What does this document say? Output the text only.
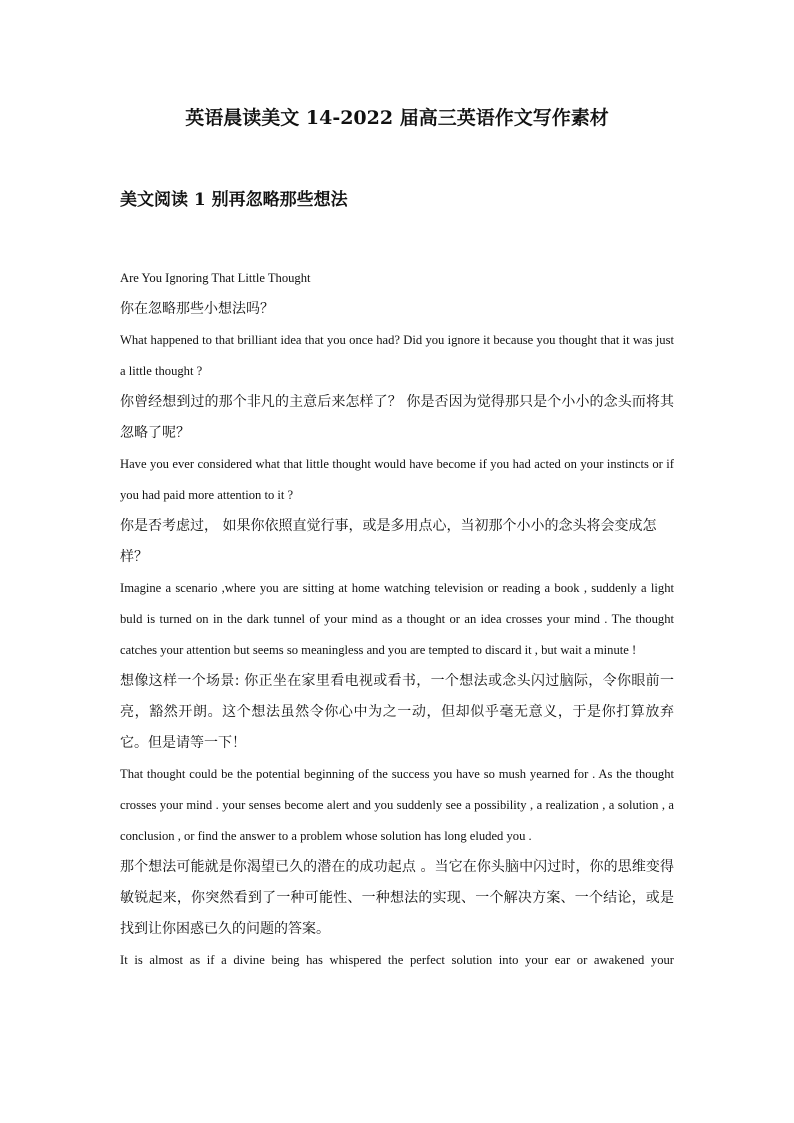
英语晨读美文 14-2022 届高三英语作文写作素材
美文阅读 1 别再忽略那些想法

Are You Ignoring That Little Thought

你在忽略那些小想法吗？

What happened to that brilliant idea that you once had? Did you ignore it because you thought that it was just a little thought ?

你曾经想到过的那个非凡的主意后来怎样了？ 你是否因为觉得那只是个小小的念头而将其忽略了呢？

Have you ever considered what that little thought would have become if you had acted on your instincts or if you had paid more attention to it ?

你是否考虑过， 如果你依照直觉行事，或是多用点心，当初那个小小的念头将会变成怎样？

Imagine a scenario ,where you are sitting at home watching television or reading a book , suddenly a light buld is turned on in the dark tunnel of your mind as a thought or an idea crosses your mind . The thought catches your attention but seems so meaningless and you are tempted to discard it , but wait a minute !

想像这样一个场景: 你正坐在家里看电视或看书，一个想法或念头闪过脑际，令你眼前一亮，豁然开朗。这个想法虽然令你心中为之一动，但却似乎毫无意义，于是你打算放弃它。但是请等一下！

That thought could be the potential beginning of the success you have so mush yearned for . As the thought crosses your mind . your senses become alert and you suddenly see a possibility , a realization , a solution , a conclusion , or find the answer to a problem whose solution has long eluded you .

那个想法可能就是你渴望已久的潜在的成功起点 。当它在你头脑中闪过时，你的思维变得敏锐起来，你突然看到了一种可能性、一种想法的实现、一个解决方案、一个结论，或是找到让你困惑已久的问题的答案。

It is almost as if a divine being has whispered the perfect solution into your ear or awakened your
